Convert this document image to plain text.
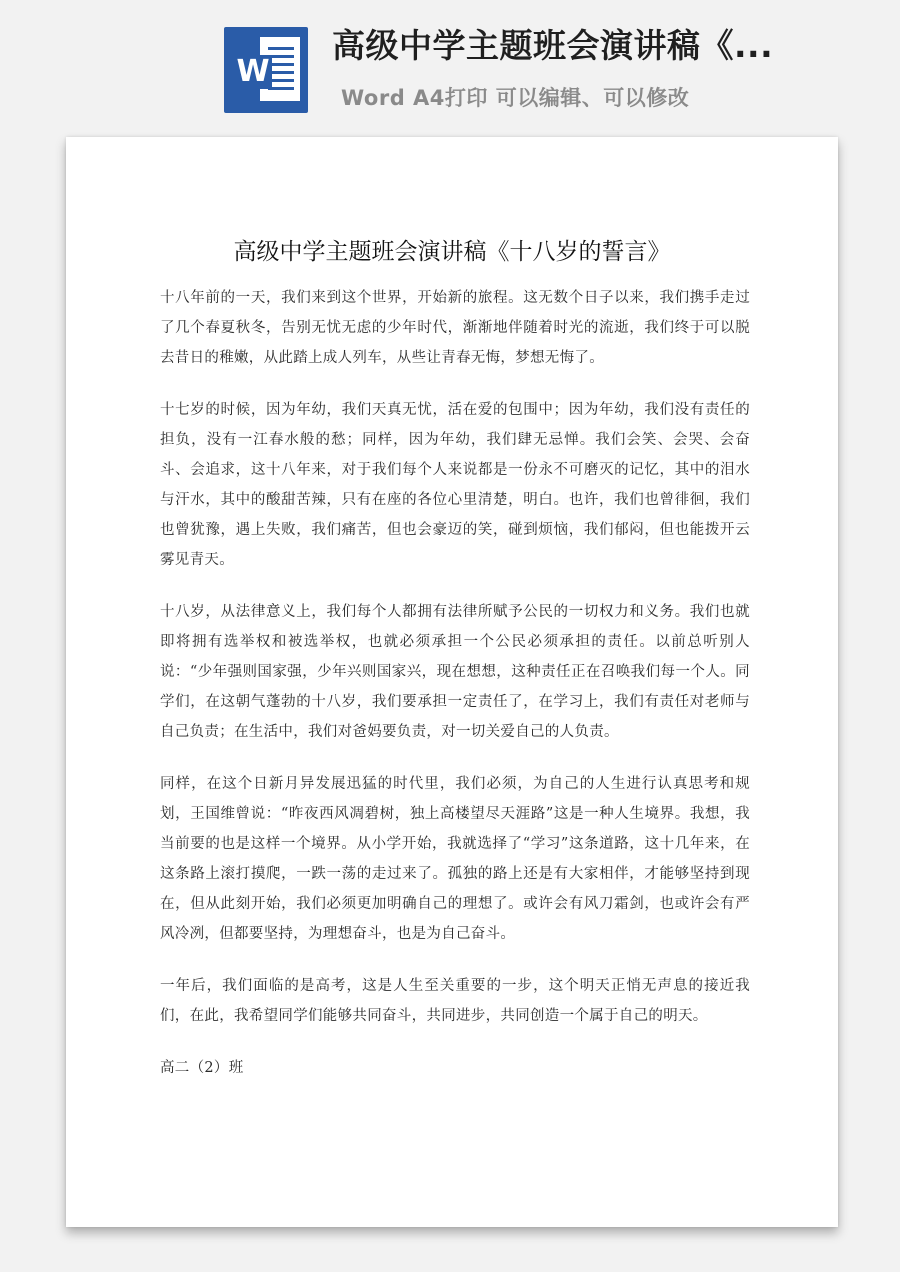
W
高级中学主题班会演讲稿《...
Word A4打印 可以编辑、可以修改
高级中学主题班会演讲稿《十八岁的誓言》

十八年前的一天，我们来到这个世界，开始新的旅程。这无数个日子以来，我们携手走过了几个春夏秋冬，告别无忧无虑的少年时代，渐渐地伴随着时光的流逝，我们终于可以脱去昔日的稚嫩，从此踏上成人列车，从些让青春无悔，梦想无悔了。

十七岁的时候，因为年幼，我们天真无忧，活在爱的包围中；因为年幼，我们没有责任的担负，没有一江春水般的愁；同样，因为年幼，我们肆无忌惮。我们会笑、会哭、会奋斗、会追求，这十八年来，对于我们每个人来说都是一份永不可磨灭的记忆，其中的泪水与汗水，其中的酸甜苦辣，只有在座的各位心里清楚，明白。也许，我们也曾徘徊，我们也曾犹豫，遇上失败，我们痛苦，但也会豪迈的笑，碰到烦恼，我们郁闷，但也能拨开云雾见青天。

十八岁，从法律意义上，我们每个人都拥有法律所赋予公民的一切权力和义务。我们也就即将拥有选举权和被选举权，也就必须承担一个公民必须承担的责任。以前总听别人说：“少年强则国家强，少年兴则国家兴，现在想想，这种责任正在召唤我们每一个人。同学们，在这朝气蓬勃的十八岁，我们要承担一定责任了，在学习上，我们有责任对老师与自己负责；在生活中，我们对爸妈要负责，对一切关爱自己的人负责。

同样，在这个日新月异发展迅猛的时代里，我们必须，为自己的人生进行认真思考和规划，王国维曾说：“昨夜西风凋碧树，独上高楼望尽天涯路”这是一种人生境界。我想，我当前要的也是这样一个境界。从小学开始，我就选择了“学习”这条道路，这十几年来，在这条路上滚打摸爬，一跌一荡的走过来了。孤独的路上还是有大家相伴，才能够坚持到现在，但从此刻开始，我们必须更加明确自己的理想了。或许会有风刀霜剑，也或许会有严风冷冽，但都要坚持，为理想奋斗，也是为自己奋斗。

一年后，我们面临的是高考，这是人生至关重要的一步，这个明天正悄无声息的接近我们，在此，我希望同学们能够共同奋斗，共同进步，共同创造一个属于自己的明天。

高二（2）班
